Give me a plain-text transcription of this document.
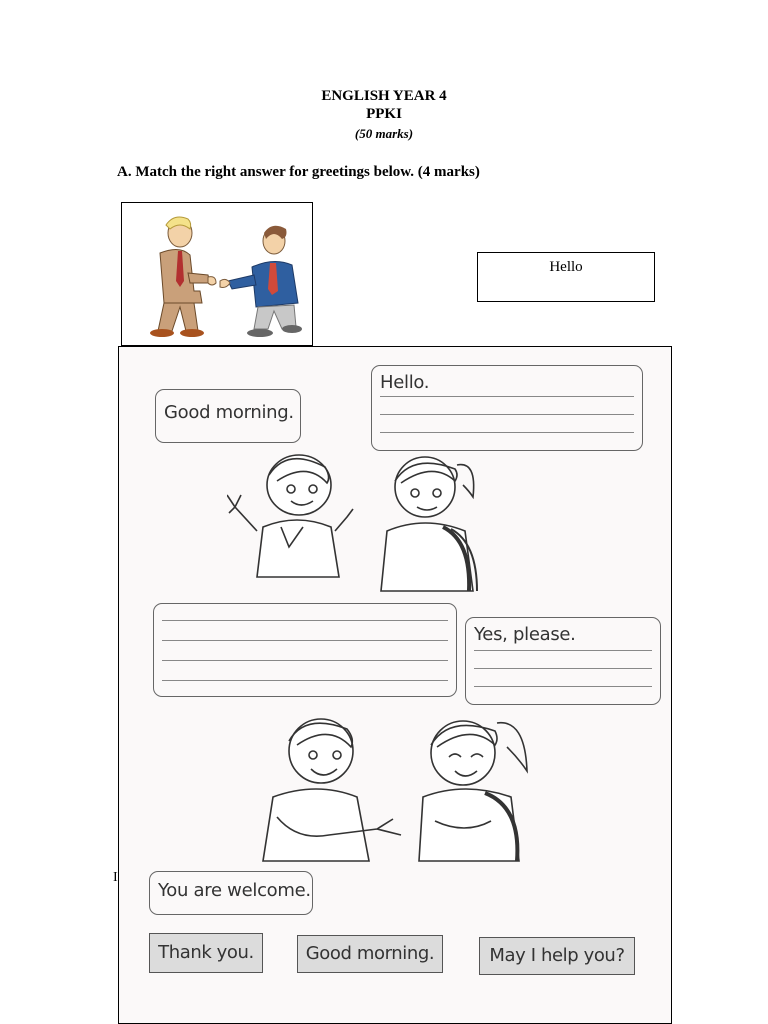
ENGLISH YEAR 4
PPKI
(50 marks)
A. Match the right answer for greetings below. (4 marks)
Hello
Good morning.
Hello.
Yes, please.
You are welcome.
Thank you.	Good morning.	May I help you?
I
